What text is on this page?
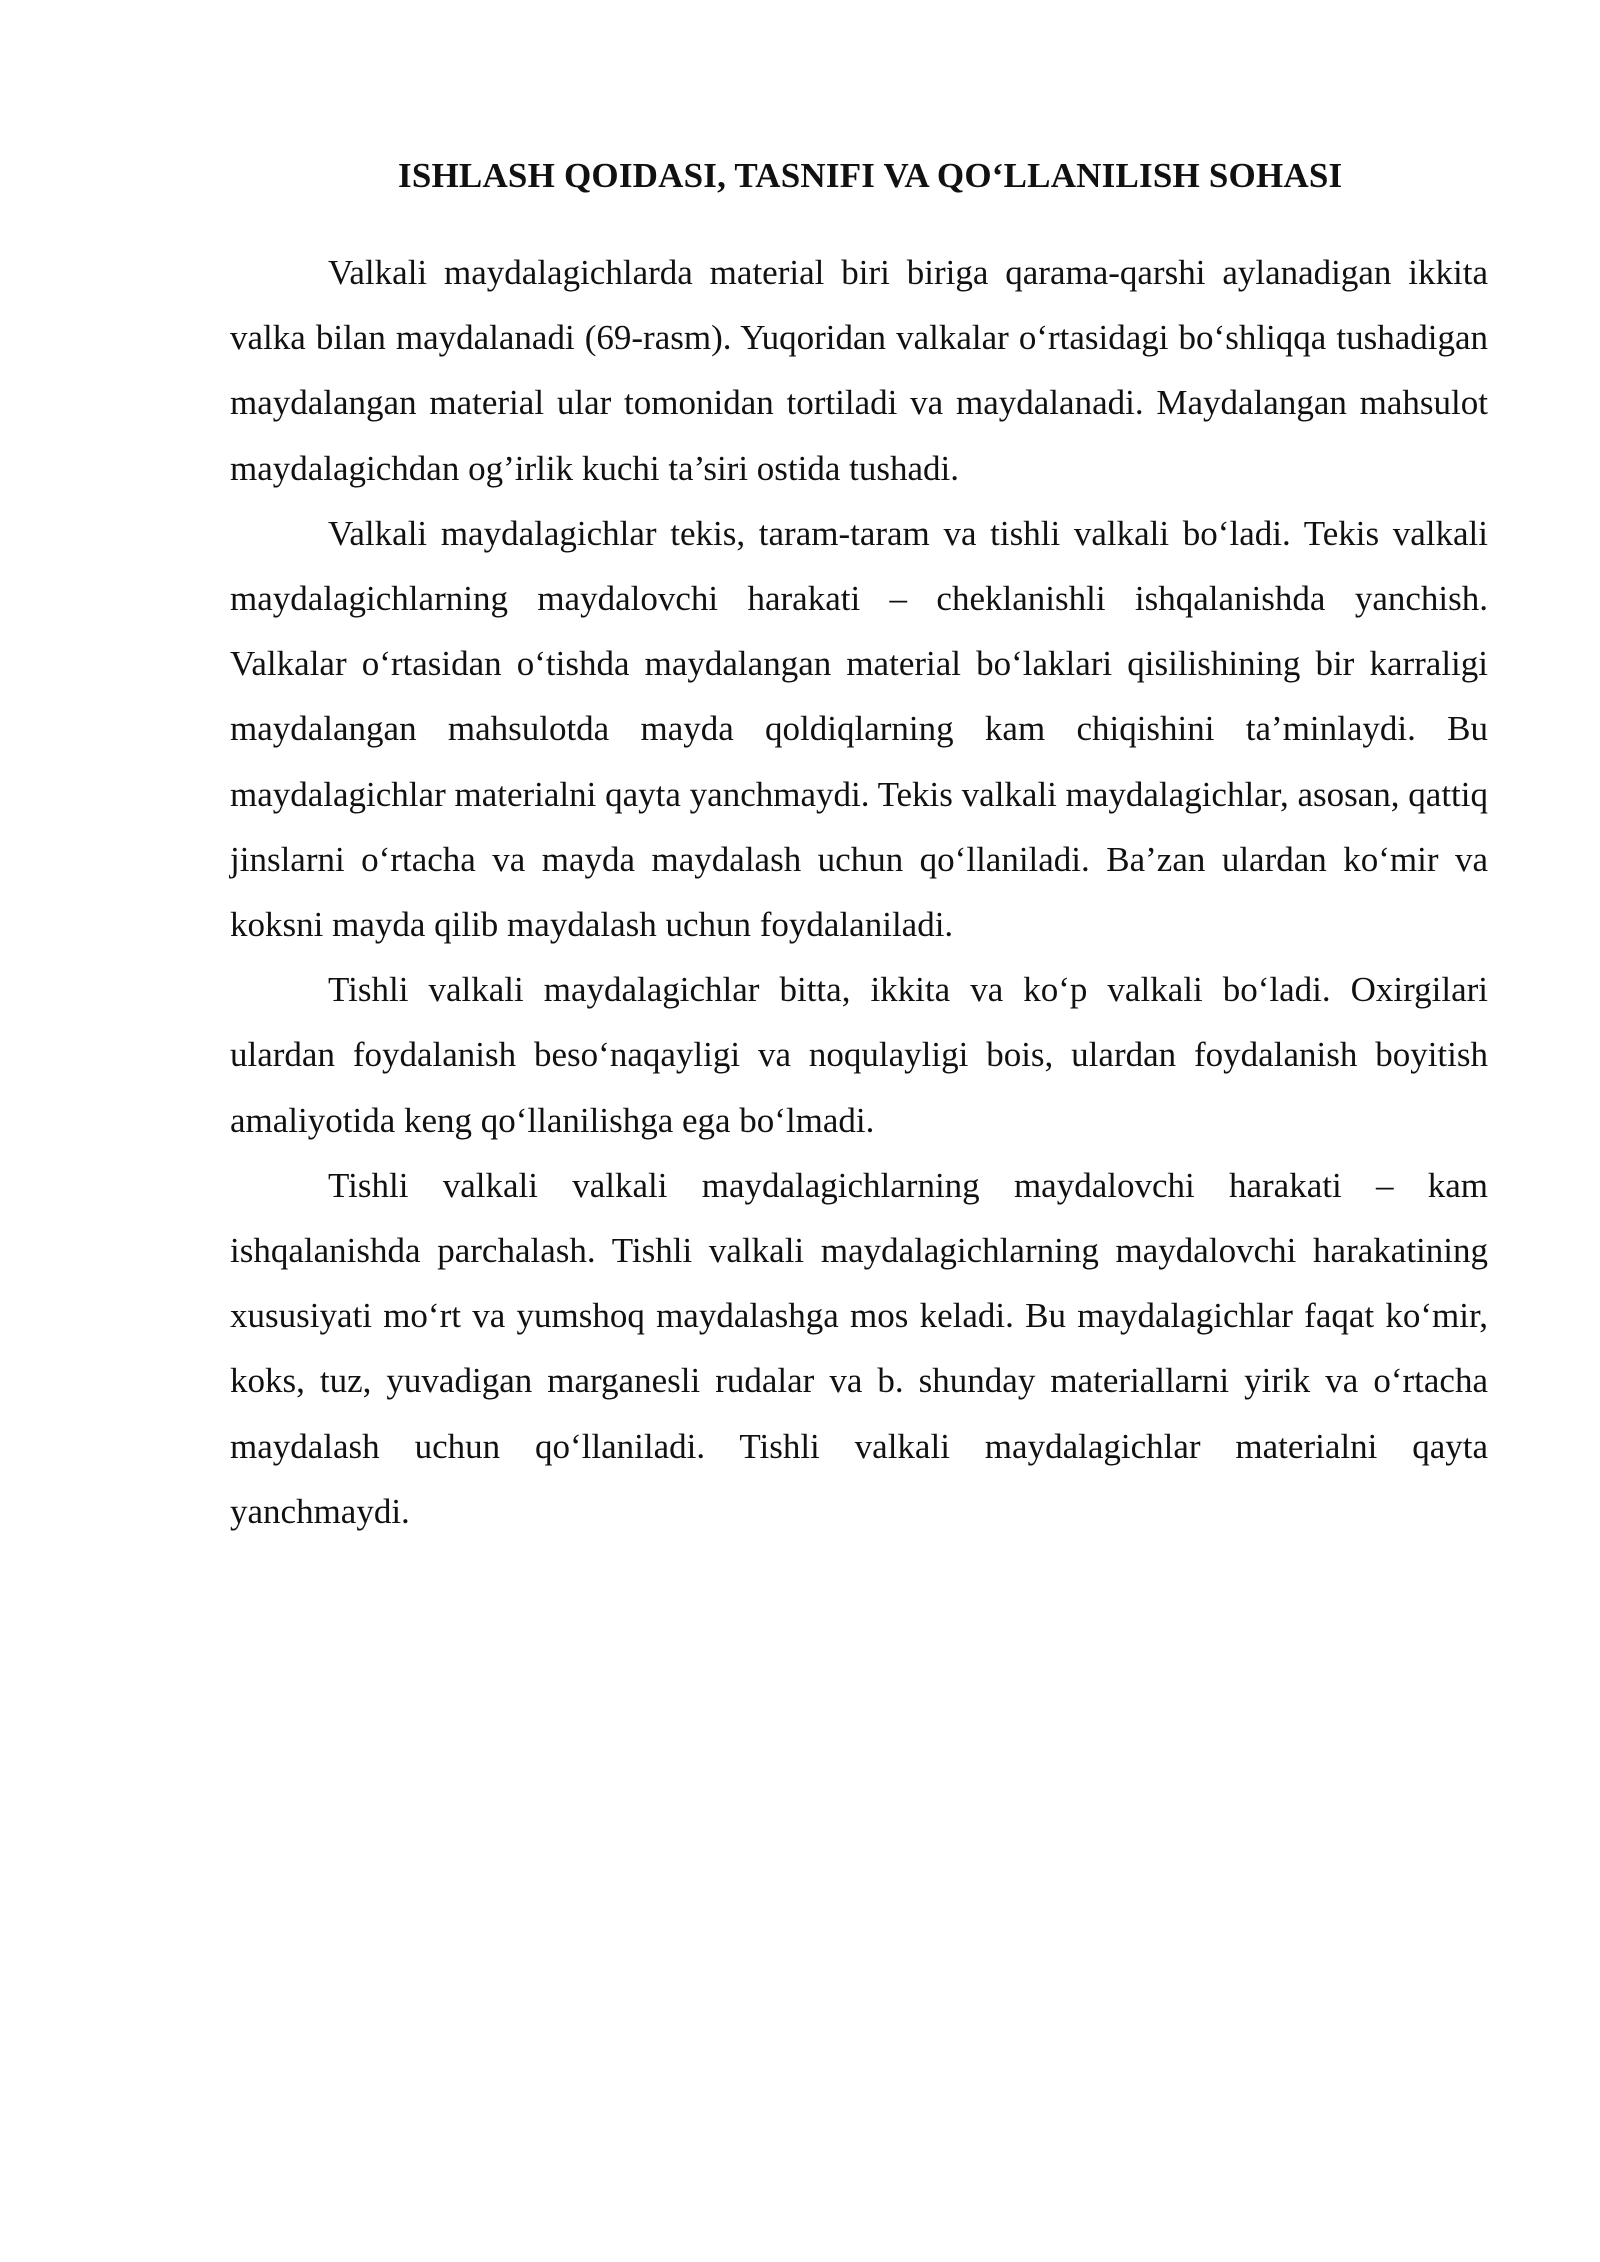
ISHLASH QOIDASI, TASNIFI VA QO‘LLANILISH SOHASI

Valkali maydalagichlarda material biri biriga qarama-qarshi aylanadigan ikkita valka bilan maydalanadi (69-rasm). Yuqoridan valkalar o‘rtasidagi bo‘shliqqa tushadigan maydalangan material ular tomonidan tortiladi va maydalanadi. Maydalangan mahsulot maydalagichdan og’irlik kuchi ta’siri ostida tushadi.

Valkali maydalagichlar tekis, taram-taram va tishli valkali bo‘ladi. Tekis valkali maydalagichlarning maydalovchi harakati – cheklanishli ishqalanishda yanchish. Valkalar o‘rtasidan o‘tishda maydalangan material bo‘laklari qisilishining bir karraligi maydalangan mahsulotda mayda qoldiqlarning kam chiqishini ta’minlaydi. Bu maydalagichlar materialni qayta yanchmaydi. Tekis valkali maydalagichlar, asosan, qattiq jinslarni o‘rtacha va mayda maydalash uchun qo‘llaniladi. Ba’zan ulardan ko‘mir va koksni mayda qilib maydalash uchun foydalaniladi.

Tishli valkali maydalagichlar bitta, ikkita va ko‘p valkali bo‘ladi. Oxirgilari ulardan foydalanish beso‘naqayligi va noqulayligi bois, ulardan foydalanish boyitish amaliyotida keng qo‘llanilishga ega bo‘lmadi.

Tishli valkali valkali maydalagichlarning maydalovchi harakati – kam ishqalanishda parchalash. Tishli valkali maydalagichlarning maydalovchi harakatining xususiyati mo‘rt va yumshoq maydalashga mos keladi. Bu maydalagichlar faqat ko‘mir, koks, tuz, yuvadigan marganesli rudalar va b. shunday materiallarni yirik va o‘rtacha maydalash uchun qo‘llaniladi. Tishli valkali maydalagichlar materialni qayta yanchmaydi.
